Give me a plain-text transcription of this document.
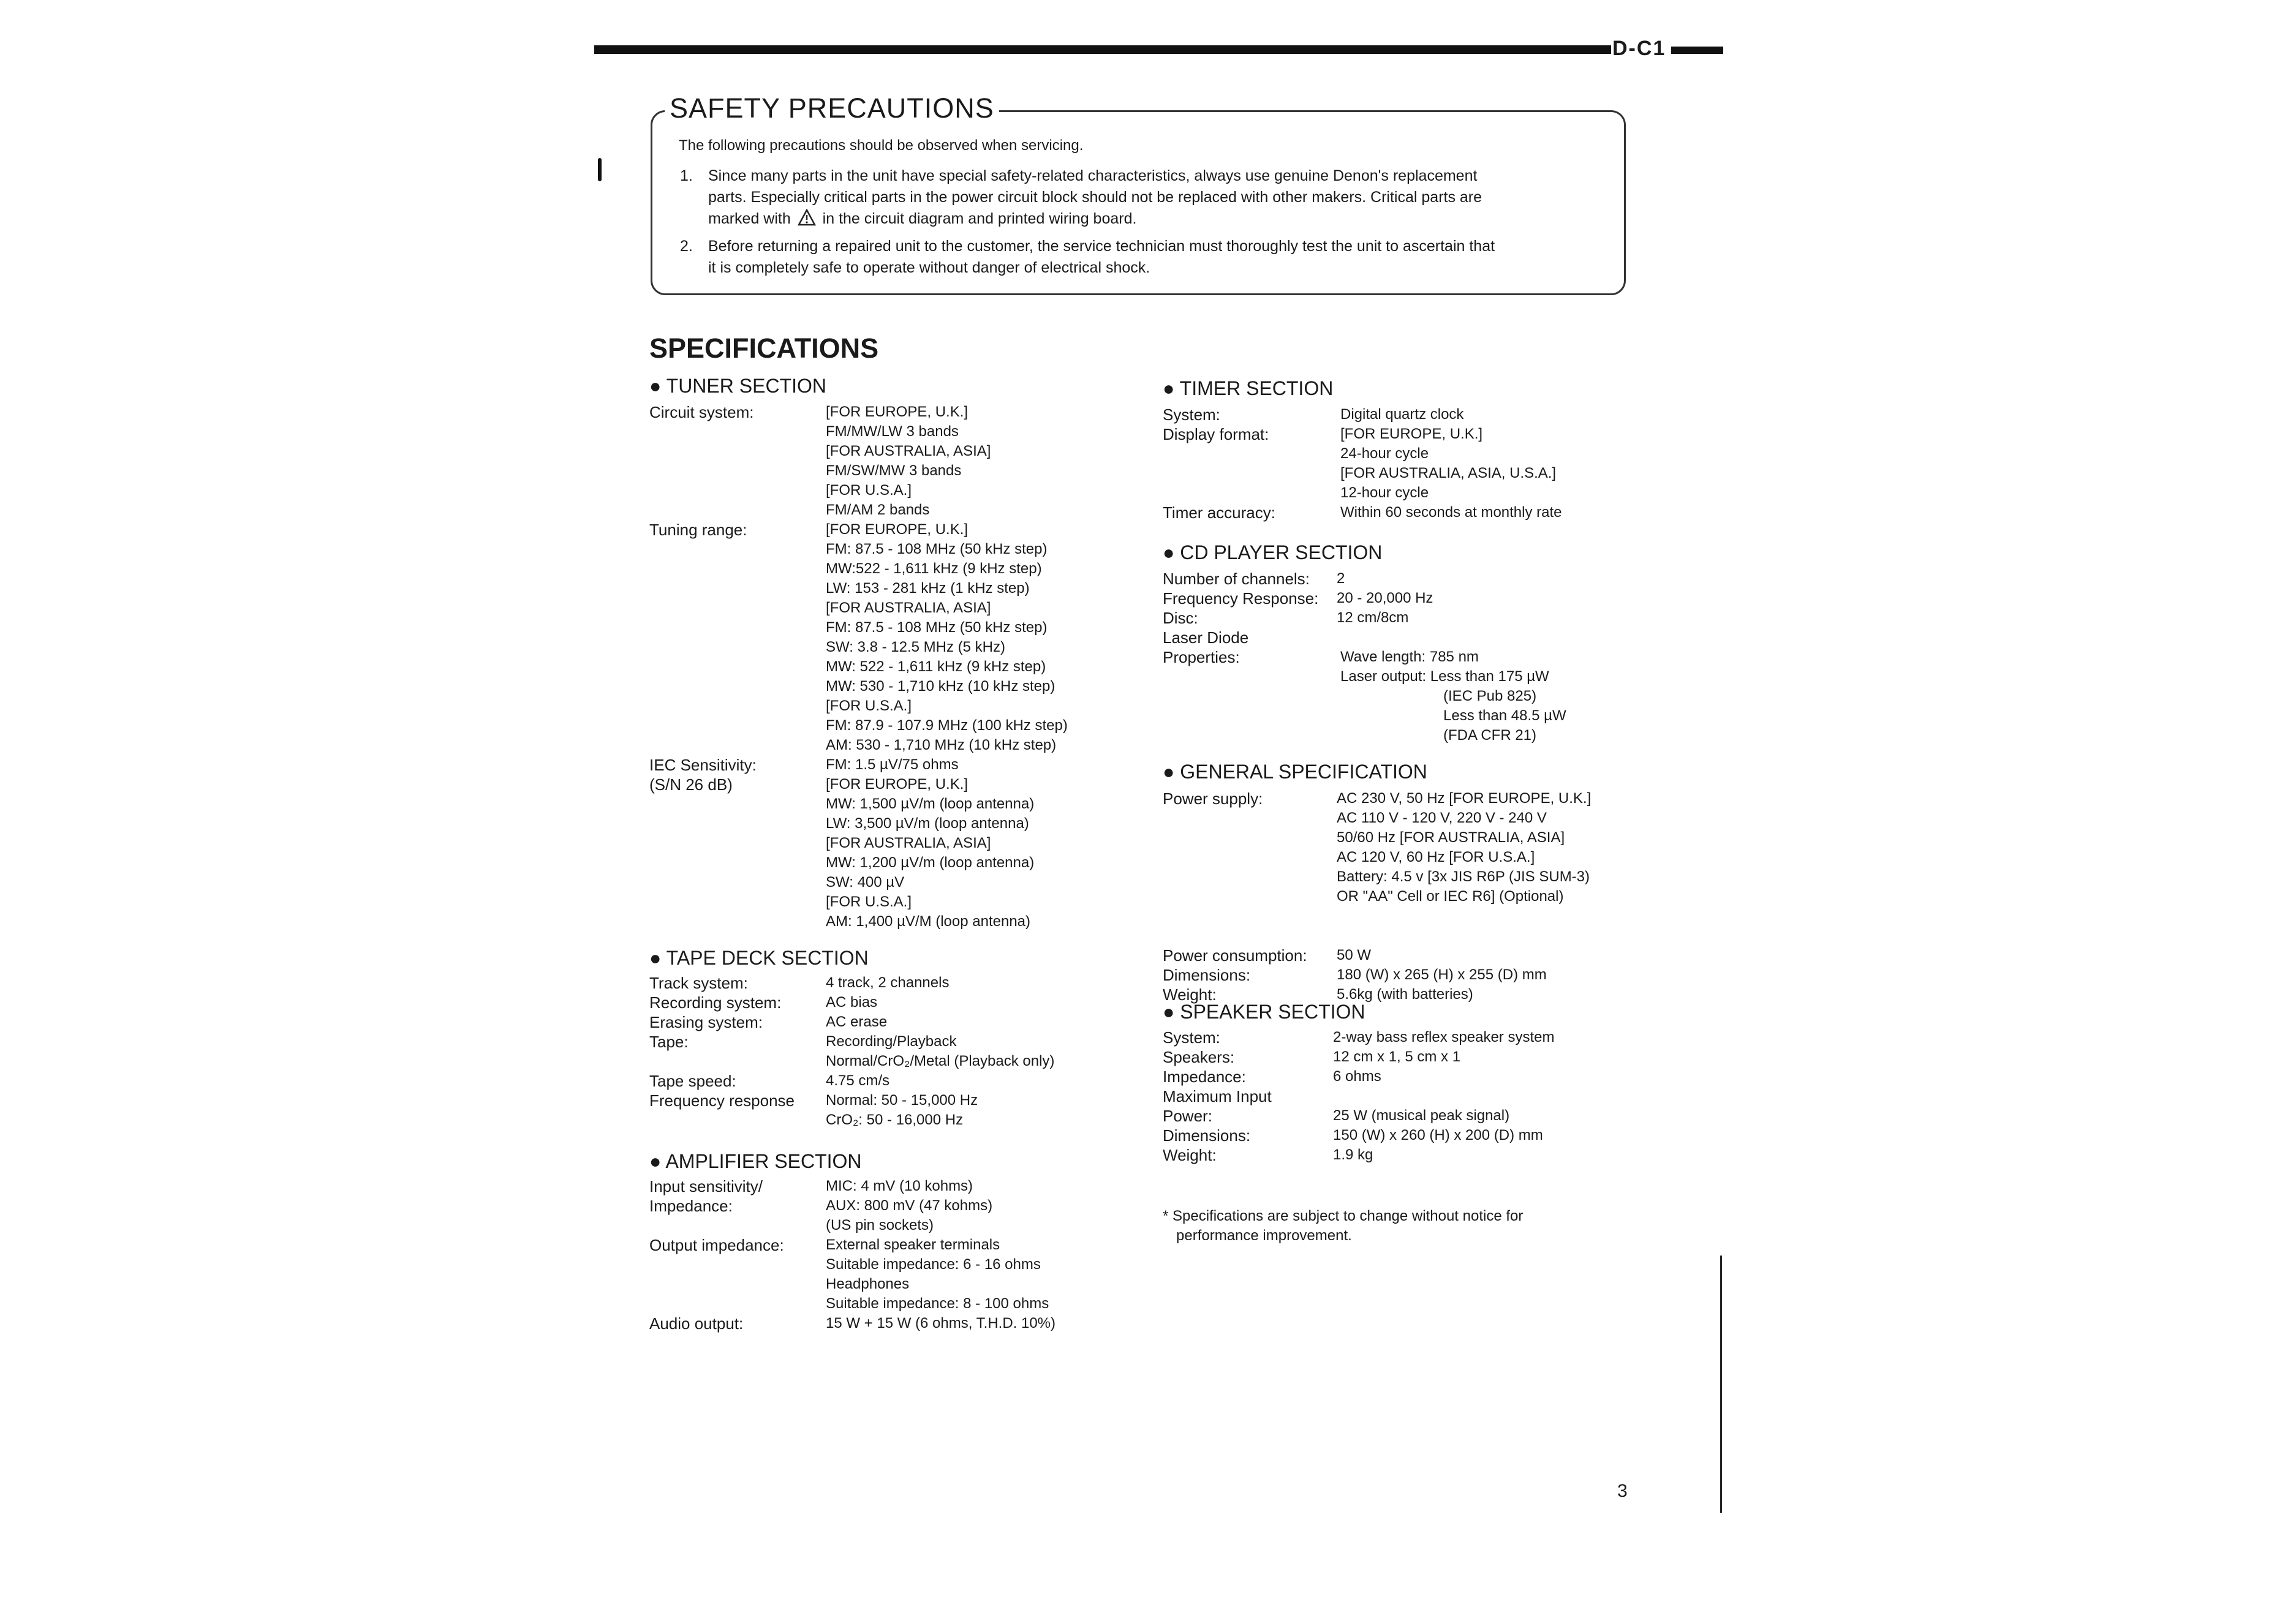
D-C1
SAFETY PRECAUTIONS
The following precautions should be observed when servicing.
1. Since many parts in the unit have special safety-related characteristics, always use genuine Denon's replacement
parts. Especially critical parts in the power circuit block should not be replaced with other makers. Critical parts are
marked with in the circuit diagram and printed wiring board.
2. Before returning a repaired unit to the customer, the service technician must thoroughly test the unit to ascertain that
it is completely safe to operate without danger of electrical shock.
SPECIFICATIONS
● TUNER SECTION
Circuit system:
Tuning range:
IEC Sensitivity:
(S/N 26 dB)
[FOR EUROPE, U.K.]
FM/MW/LW 3 bands
[FOR AUSTRALIA, ASIA]
FM/SW/MW 3 bands
[FOR U.S.A.]
FM/AM 2 bands
[FOR EUROPE, U.K.]
FM: 87.5 - 108 MHz (50 kHz step)
MW:522 - 1,611 kHz (9 kHz step)
LW: 153 - 281 kHz (1 kHz step)
[FOR AUSTRALIA, ASIA]
FM: 87.5 - 108 MHz (50 kHz step)
SW: 3.8 - 12.5 MHz (5 kHz)
MW: 522 - 1,611 kHz (9 kHz step)
MW: 530 - 1,710 kHz (10 kHz step)
[FOR U.S.A.]
FM: 87.9 - 107.9 MHz (100 kHz step)
AM: 530 - 1,710 MHz (10 kHz step)
FM: 1.5 µV/75 ohms
[FOR EUROPE, U.K.]
MW: 1,500 µV/m (loop antenna)
LW: 3,500 µV/m (loop antenna)
[FOR AUSTRALIA, ASIA]
MW: 1,200 µV/m (loop antenna)
SW: 400 µV
[FOR U.S.A.]
AM: 1,400 µV/M (loop antenna)
● TAPE DECK SECTION
Track system:
Recording system:
Erasing system:
Tape:
Tape speed:
Frequency response
4 track, 2 channels
AC bias
AC erase
Recording/Playback
Normal/CrO₂/Metal (Playback only)
4.75 cm/s
Normal: 50 - 15,000 Hz
CrO₂: 50 - 16,000 Hz
● AMPLIFIER SECTION
Input sensitivity/
Impedance:
Output impedance:
Audio output:
MIC: 4 mV (10 kohms)
AUX: 800 mV (47 kohms)
(US pin sockets)
External speaker terminals
Suitable impedance: 6 - 16 ohms
Headphones
Suitable impedance: 8 - 100 ohms
15 W + 15 W (6 ohms, T.H.D. 10%)
● TIMER SECTION
System:
Display format:
Timer accuracy:
Digital quartz clock
[FOR EUROPE, U.K.]
24-hour cycle
[FOR AUSTRALIA, ASIA, U.S.A.]
12-hour cycle
Within 60 seconds at monthly rate
● CD PLAYER SECTION
Number of channels:
Frequency Response:
Disc:
Laser Diode
Properties:
2
20 - 20,000 Hz
12 cm/8cm
Wave length: 785 nm
Laser output: Less than 175 µW
(IEC Pub 825)
Less than 48.5 µW
(FDA CFR 21)
● GENERAL SPECIFICATION
Power supply:
Power consumption:
Dimensions:
Weight:
AC 230 V, 50 Hz [FOR EUROPE, U.K.]
AC 110 V - 120 V, 220 V - 240 V
50/60 Hz [FOR AUSTRALIA, ASIA]
AC 120 V, 60 Hz [FOR U.S.A.]
Battery: 4.5 v [3x JIS R6P (JIS SUM-3)
OR "AA" Cell or IEC R6] (Optional)
50 W
180 (W) x 265 (H) x 255 (D) mm
5.6kg (with batteries)
● SPEAKER SECTION
System:
Speakers:
Impedance:
Maximum Input
Power:
Dimensions:
Weight:
2-way bass reflex speaker system
12 cm x 1, 5 cm x 1
6 ohms
25 W (musical peak signal)
150 (W) x 260 (H) x 200 (D) mm
1.9 kg
* Specifications are subject to change without notice for
performance improvement.
3
